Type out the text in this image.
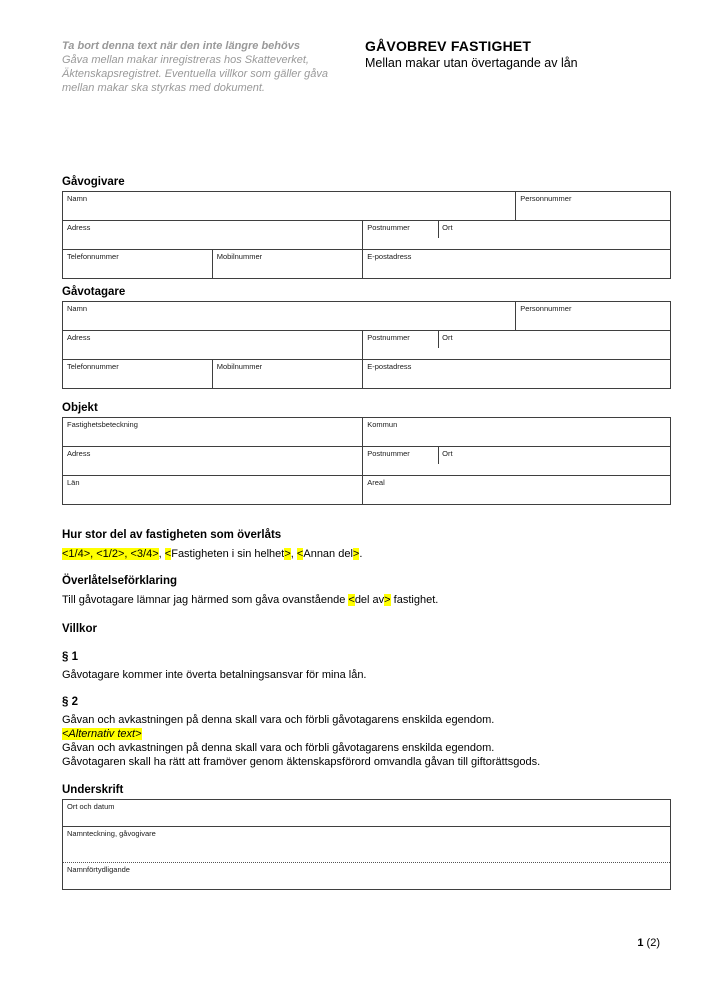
Ta bort denna text när den inte längre behövs
Gåva mellan makar inregistreras hos Skatteverket,
Äktenskapsregistret. Eventuella villkor som gäller gåva
mellan makar ska styrkas med dokument.
GÅVOBREV FASTIGHET
Mellan makar utan övertagande av lån
Gåvogivare
Namn	Personnummer
Adress	Postnummer	Ort
Telefonnummer	Mobilnummer	E-postadress
Gåvotagare
Namn	Personnummer
Adress	Postnummer	Ort
Telefonnummer	Mobilnummer	E-postadress
Objekt
Fastighetsbeteckning	Kommun
Adress	Postnummer	Ort
Län	Areal
Hur stor del av fastigheten som överlåts
<1/4>, <1/2>, <3/4>, <Fastigheten i sin helhet>, <Annan del>.
Överlåtelseförklaring
Till gåvotagare lämnar jag härmed som gåva ovanstående <del av> fastighet.
Villkor
§ 1
Gåvotagare kommer inte överta betalningsansvar för mina lån.
§ 2
Gåvan och avkastningen på denna skall vara och förbli gåvotagarens enskilda egendom.
<Alternativ text>
Gåvan och avkastningen på denna skall vara och förbli gåvotagarens enskilda egendom.
Gåvotagaren skall ha rätt att framöver genom äktenskapsförord omvandla gåvan till giftorättsgods.
Underskrift
Ort och datum
Namnteckning, gåvogivare
Namnförtydligande
1 (2)
